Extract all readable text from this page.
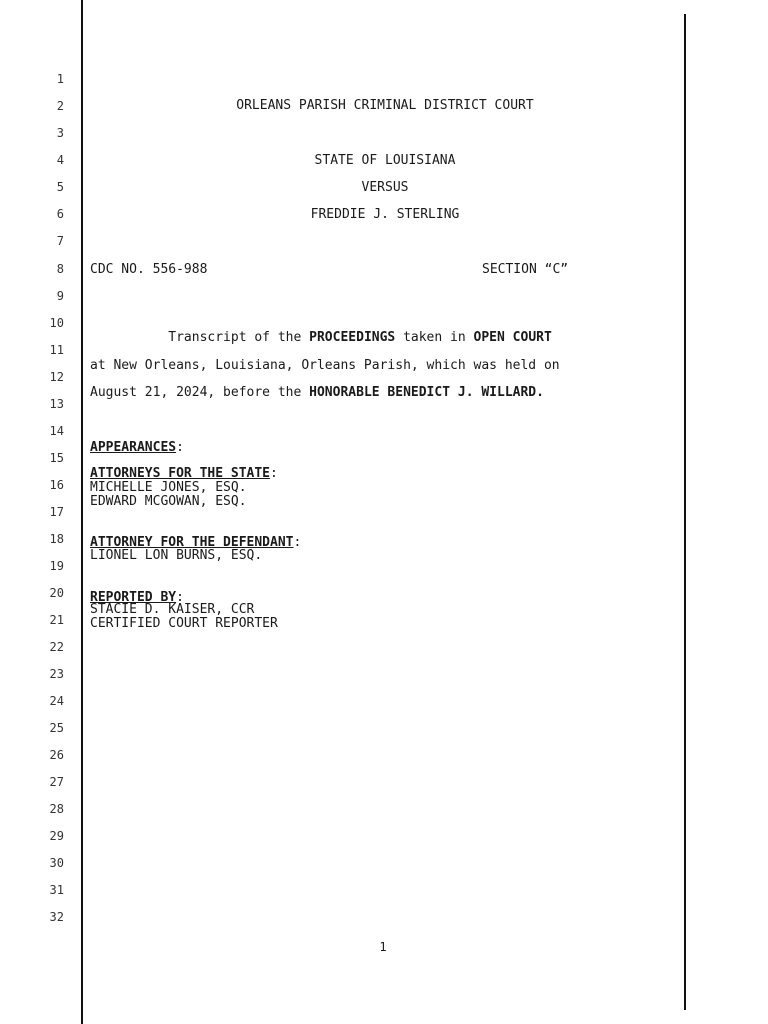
1
2
3
4
5
6
7
8
9
10
11
12
13
14
15
16
17
18
19
20
21
22
23
24
25
26
27
28
29
30
31
32
ORLEANS PARISH CRIMINAL DISTRICT COURT
STATE OF LOUISIANA
VERSUS
FREDDIE J. STERLING
CDC NO. 556-988	SECTION “C”
Transcript of the PROCEEDINGS taken in OPEN COURT
at New Orleans, Louisiana, Orleans Parish, which was held on
August 21, 2024, before the HONORABLE BENEDICT J. WILLARD.
APPEARANCES:
ATTORNEYS FOR THE STATE:
MICHELLE JONES, ESQ.
EDWARD MCGOWAN, ESQ.
ATTORNEY FOR THE DEFENDANT:
LIONEL LON BURNS, ESQ.
REPORTED BY:
STACIE D. KAISER, CCR
CERTIFIED COURT REPORTER
1
